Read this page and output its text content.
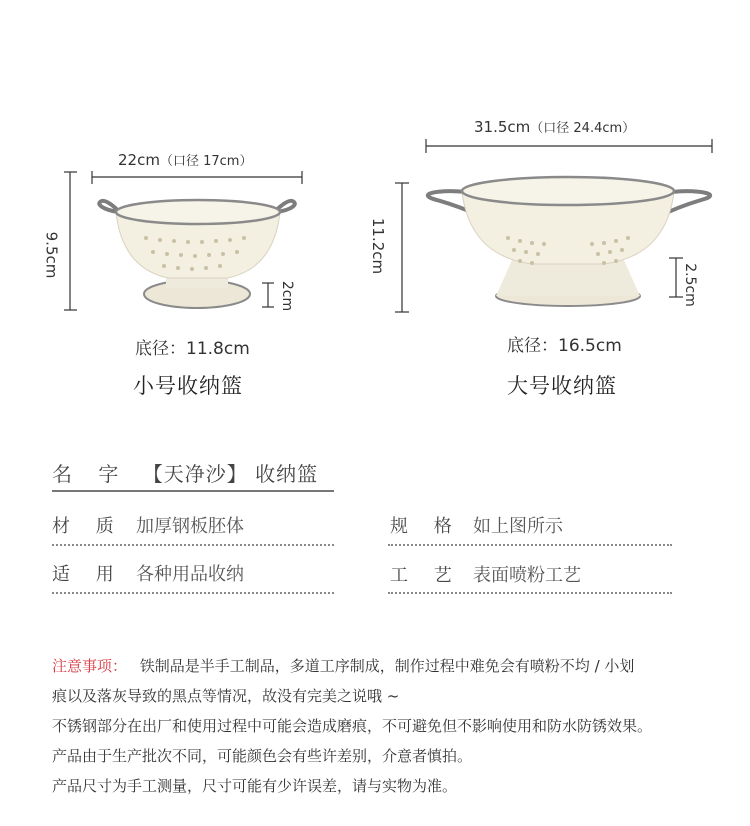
22cm（口径 17cm）
9.5cm
2cm
底径：11.8cm
小号收纳篮
31.5cm（口径 24.4cm）
11.2cm
2.5cm
底径：16.5cm
大号收纳篮
名 字 【天净沙】 收纳篮
材 质 加厚钢板胚体	规 格 如上图所示
适 用 各种用品收纳	工 艺 表面喷粉工艺
注意事项： 铁制品是半手工制品，多道工序制成，制作过程中难免会有喷粉不均 / 小划
痕以及落灰导致的黑点等情况，故没有完美之说哦 ~
不锈钢部分在出厂和使用过程中可能会造成磨痕，不可避免但不影响使用和防水防锈效果。
产品由于生产批次不同，可能颜色会有些许差别，介意者慎拍。
产品尺寸为手工测量，尺寸可能有少许误差，请与实物为准。
